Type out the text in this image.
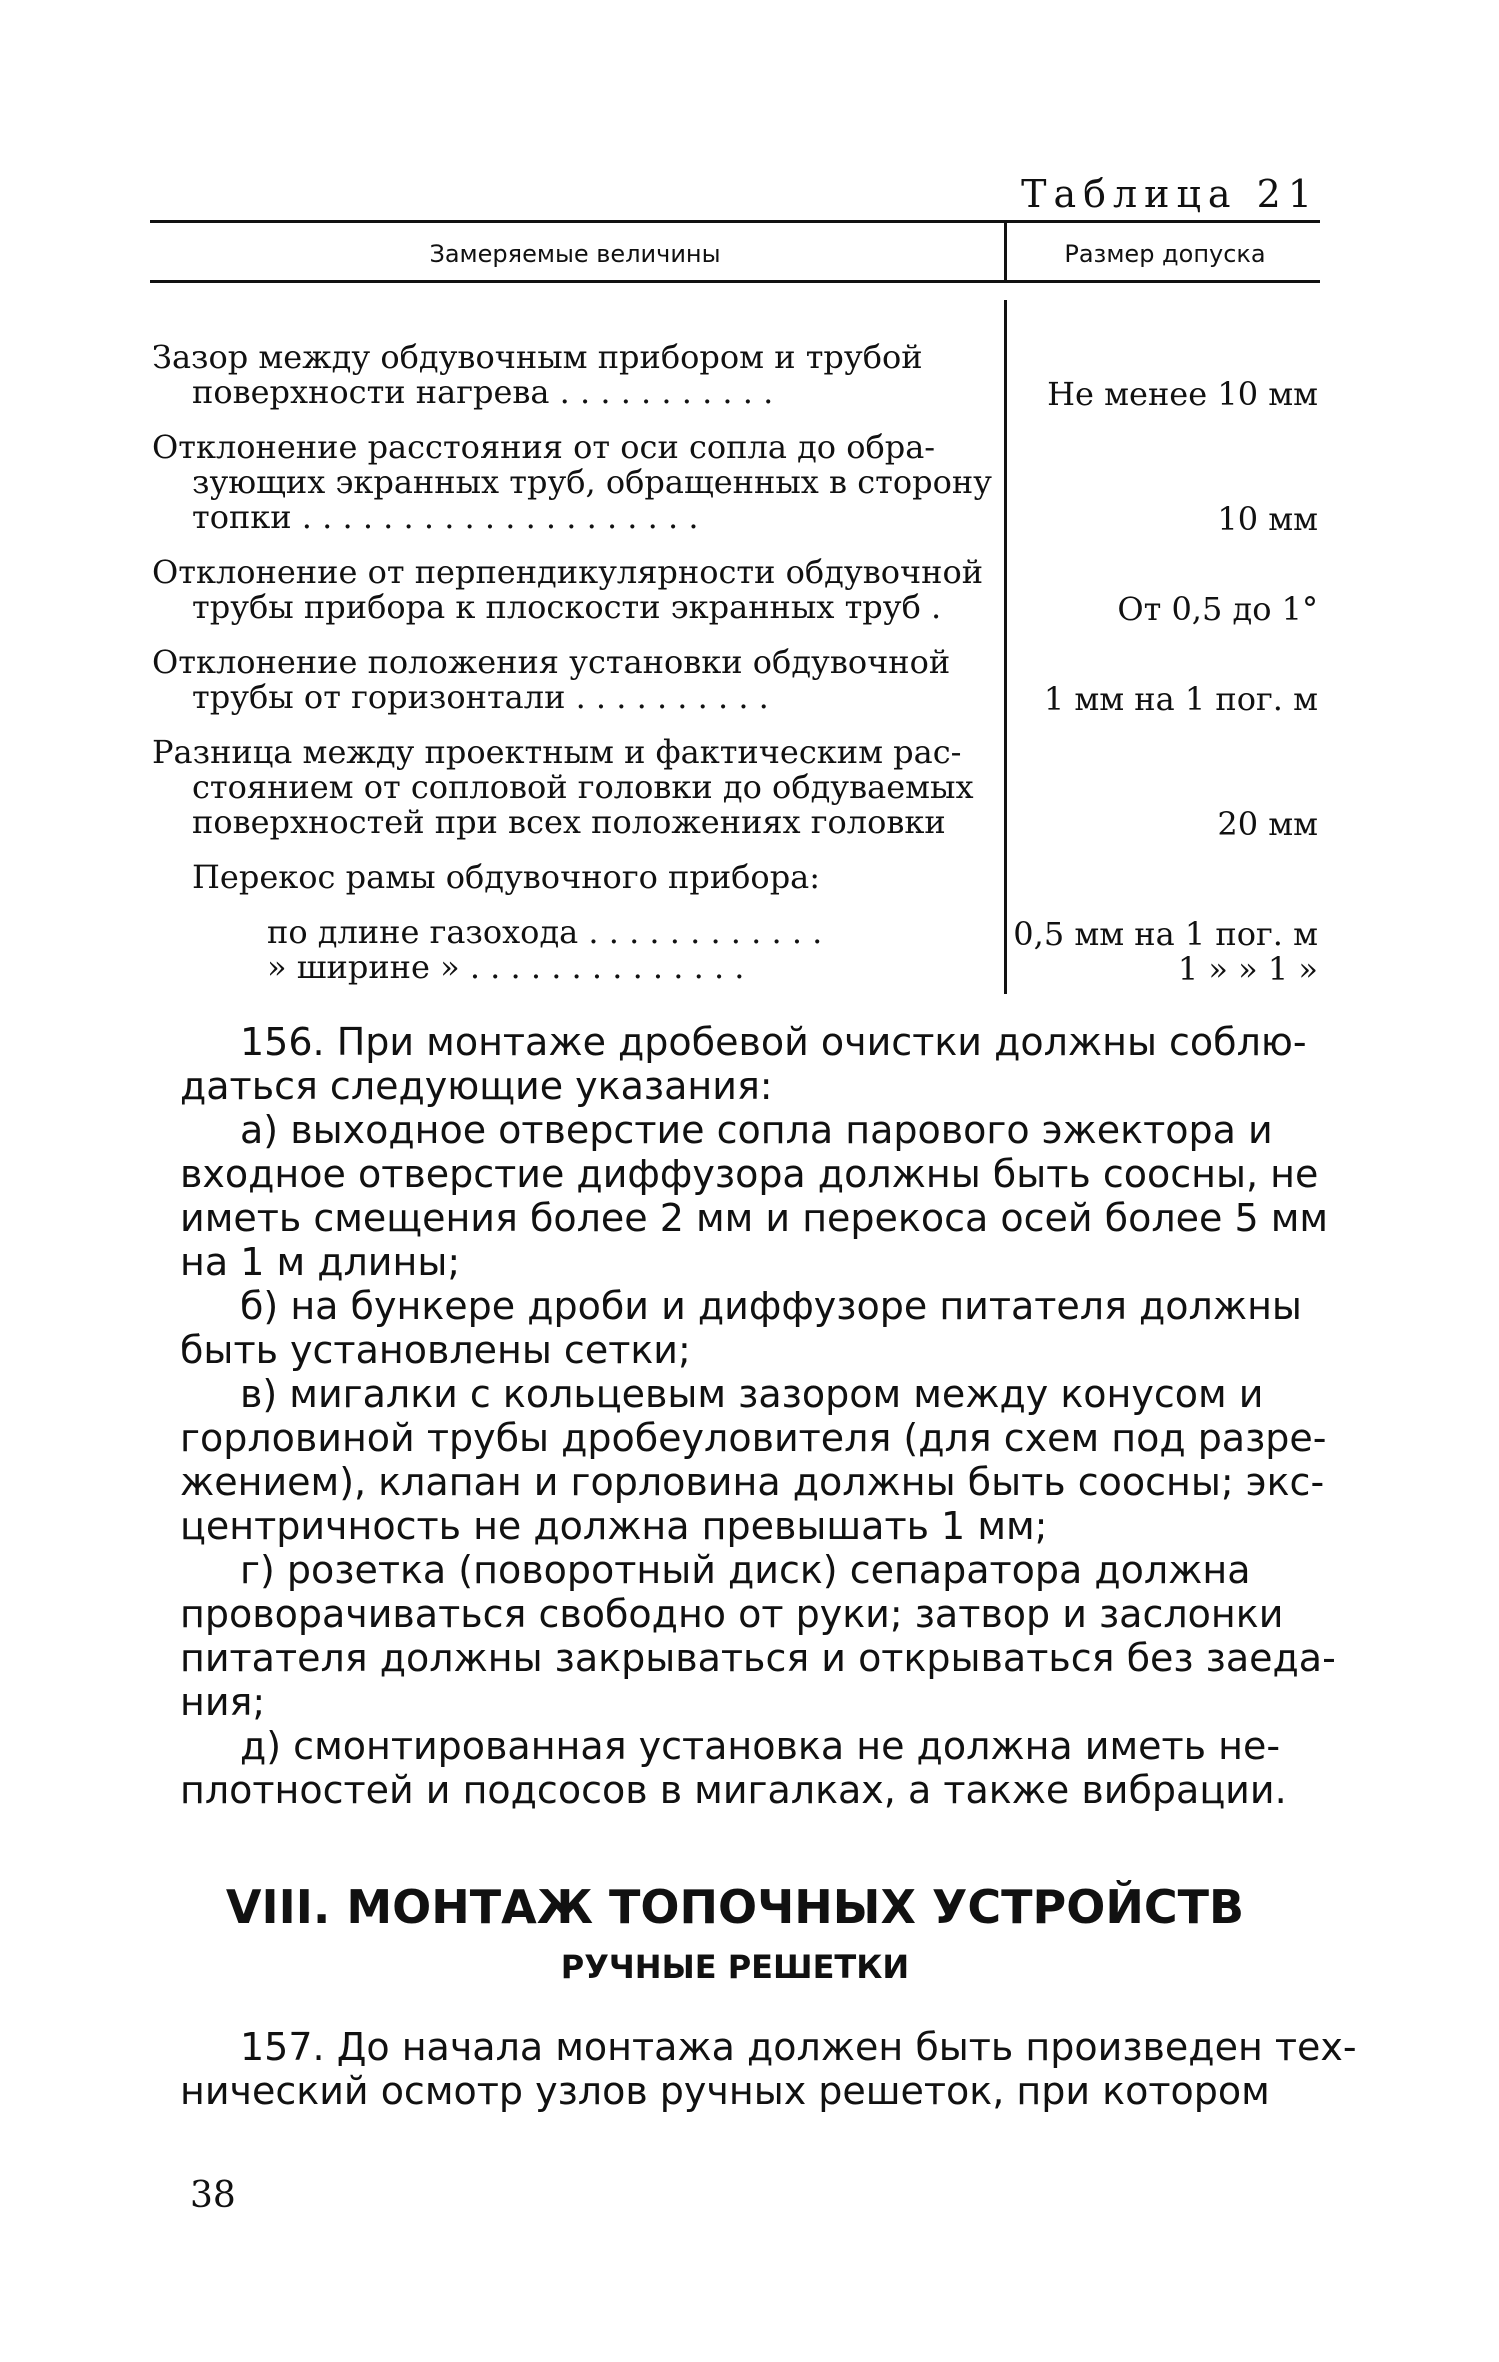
Таблица 21
Замеряемые величины	Размер допуска
Зазор между обдувочным прибором и трубой
поверхности нагрева . . . . . . . . . . .	Не менее 10 мм
Отклонение расстояния от оси сопла до обра-
зующих экранных труб, обращенных в сторону
топки . . . . . . . . . . . . . . . . . . . .	10 мм
Отклонение от перпендикулярности обдувочной
трубы прибора к плоскости экранных труб .	От 0,5 до 1°
Отклонение положения установки обдувочной
трубы от горизонтали . . . . . . . . . .	1 мм на 1 пог. м
Разница между проектным и фактическим рас-
стоянием от сопловой головки до обдуваемых
поверхностей при всех положениях головки	20 мм
Перекос рамы обдувочного прибора:
по длине газохода . . . . . . . . . . . .	0,5 мм на 1 пог. м
» ширине » . . . . . . . . . . . . . .	1 » » 1 »
156. При монтаже дробевой очистки должны соблю-
даться следующие указания:
а) выходное отверстие сопла парового эжектора и
входное отверстие диффузора должны быть соосны, не
иметь смещения более 2 мм и перекоса осей более 5 мм
на 1 м длины;
б) на бункере дроби и диффузоре питателя должны
быть установлены сетки;
в) мигалки с кольцевым зазором между конусом и
горловиной трубы дробеуловителя (для схем под разре-
жением), клапан и горловина должны быть соосны; экс-
центричность не должна превышать 1 мм;
г) розетка (поворотный диск) сепаратора должна
проворачиваться свободно от руки; затвор и заслонки
питателя должны закрываться и открываться без заеда-
ния;
д) смонтированная установка не должна иметь не-
плотностей и подсосов в мигалках, а также вибрации.
VIII. МОНТАЖ ТОПОЧНЫХ УСТРОЙСТВ
РУЧНЫЕ РЕШЕТКИ
157. До начала монтажа должен быть произведен тех-
нический осмотр узлов ручных решеток, при котором
38
